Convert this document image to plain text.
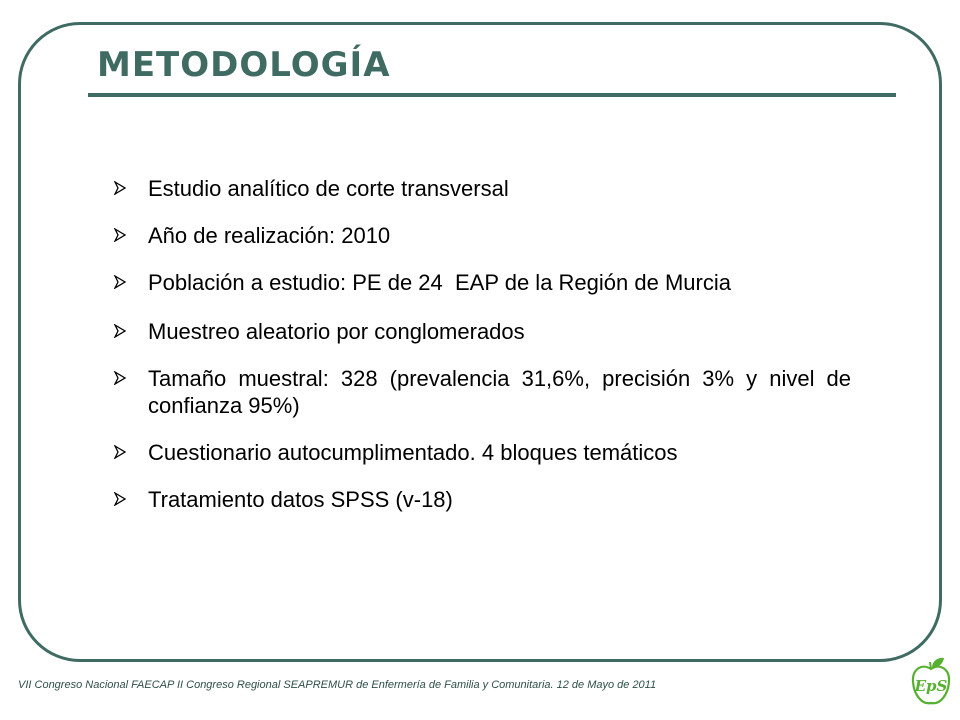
METODOLOGÍA
Estudio analítico de corte transversal
Año de realización: 2010
Población a estudio: PE de 24  EAP de la Región de Murcia
Muestreo aleatorio por conglomerados
Tamaño muestral: 328 (prevalencia 31,6%, precisión 3% y nivel de confianza 95%)
Cuestionario autocumplimentado. 4 bloques temáticos
Tratamiento datos SPSS (v-18)
VII Congreso Nacional FAECAP II Congreso Regional SEAPREMUR de Enfermería de Familia y Comunitaria. 12 de Mayo de 2011	EpS
